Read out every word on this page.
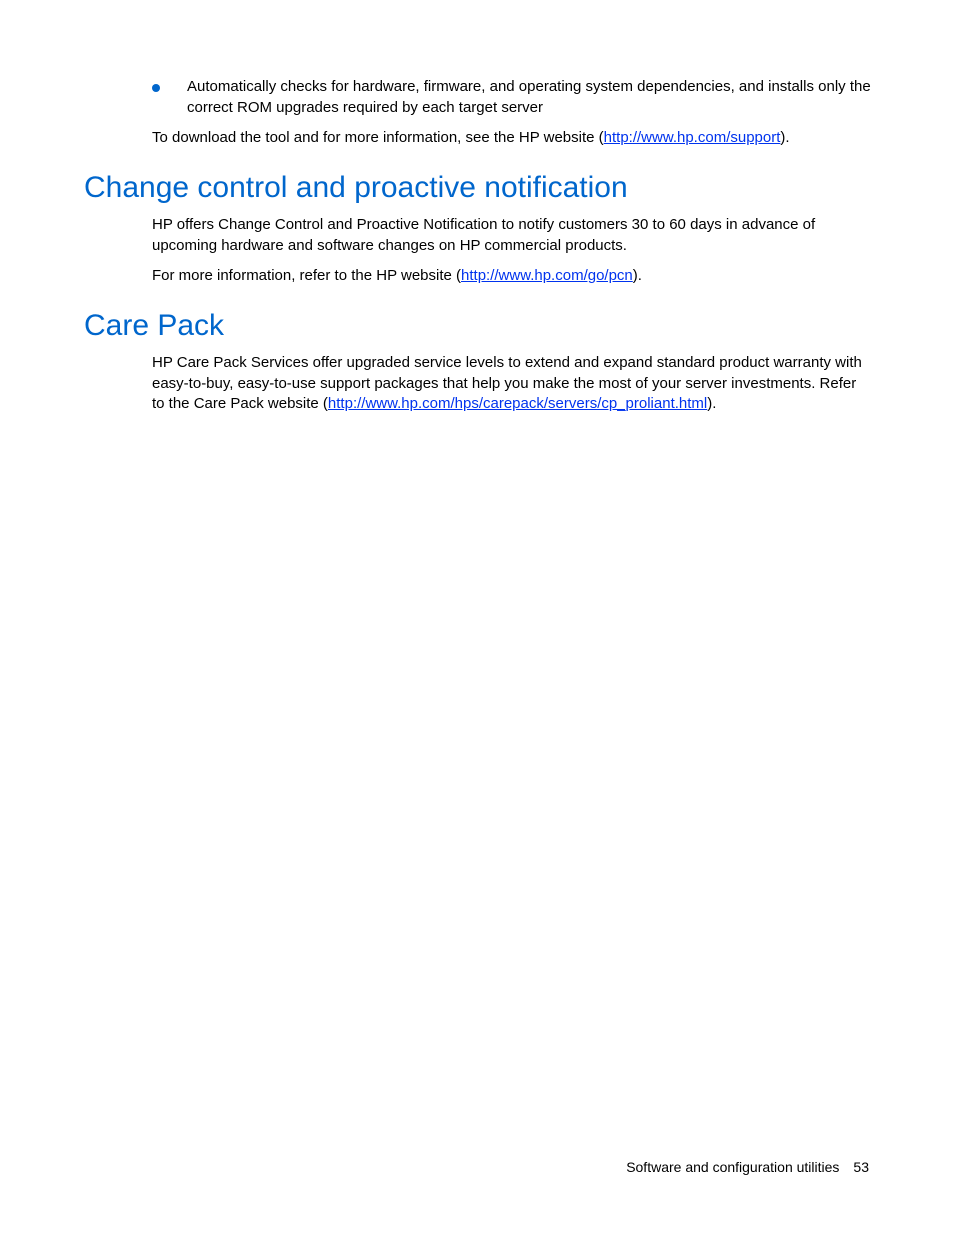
Automatically checks for hardware, firmware, and operating system dependencies, and installs only the correct ROM upgrades required by each target server

To download the tool and for more information, see the HP website (http://www.hp.com/support).

Change control and proactive notification

HP offers Change Control and Proactive Notification to notify customers 30 to 60 days in advance of upcoming hardware and software changes on HP commercial products.

For more information, refer to the HP website (http://www.hp.com/go/pcn).

Care Pack

HP Care Pack Services offer upgraded service levels to extend and expand standard product warranty with easy-to-buy, easy-to-use support packages that help you make the most of your server investments. Refer to the Care Pack website (http://www.hp.com/hps/carepack/servers/cp_proliant.html).

Software and configuration utilities 53
